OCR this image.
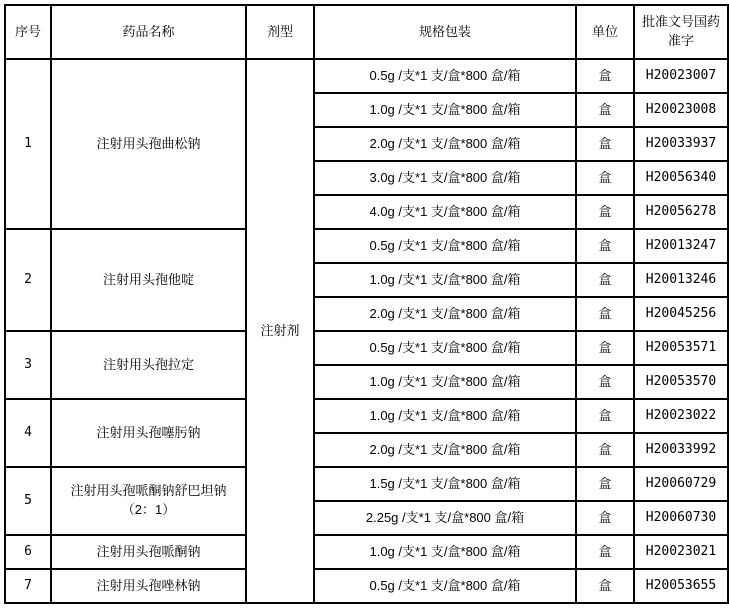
序号	药品名称	剂型	规格包装	单位	批准文号国药准字
1	注射用头孢曲松钠	注射剂	0.5g /支*1 支/盒*800 盒/箱	盒	H20023007
			1.0g /支*1 支/盒*800 盒/箱	盒	H20023008
			2.0g /支*1 支/盒*800 盒/箱	盒	H20033937
			3.0g /支*1 支/盒*800 盒/箱	盒	H20056340
			4.0g /支*1 支/盒*800 盒/箱	盒	H20056278
2	注射用头孢他啶		0.5g /支*1 支/盒*800 盒/箱	盒	H20013247
			1.0g /支*1 支/盒*800 盒/箱	盒	H20013246
			2.0g /支*1 支/盒*800 盒/箱	盒	H20045256
3	注射用头孢拉定		0.5g /支*1 支/盒*800 盒/箱	盒	H20053571
			1.0g /支*1 支/盒*800 盒/箱	盒	H20053570
4	注射用头孢噻肟钠		1.0g /支*1 支/盒*800 盒/箱	盒	H20023022
			2.0g /支*1 支/盒*800 盒/箱	盒	H20033992
5	注射用头孢哌酮钠舒巴坦钠（2：1）		1.5g /支*1 支/盒*800 盒/箱	盒	H20060729
			2.25g /支*1 支/盒*800 盒/箱	盒	H20060730
6	注射用头孢哌酮钠		1.0g /支*1 支/盒*800 盒/箱	盒	H20023021
7	注射用头孢唑林钠		0.5g /支*1 支/盒*800 盒/箱	盒	H20053655
